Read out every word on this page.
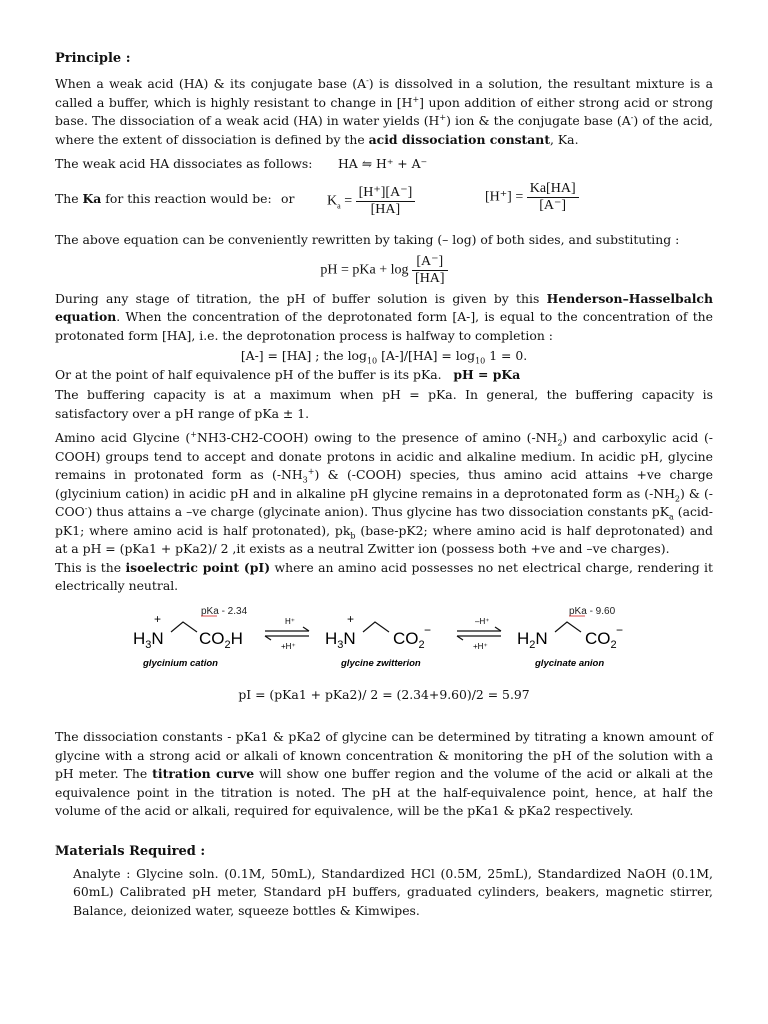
Principle :

When a weak acid (HA) & its conjugate base (A-) is dissolved in a solution, the resultant mixture is a called a buffer, which is highly resistant to change in [H+] upon addition of either strong acid or strong base. The dissociation of a weak acid (HA) in water yields (H+) ion & the conjugate base (A-) of the acid, where the extent of dissociation is defined by the acid dissociation constant, Ka.

The weak acid HA dissociates as follows: HA ⇋ H⁺ + A⁻
The Ka for this reaction would be: or $K_a = \frac{[H^+][A^-]}{[HA]}$	$[H^+] = \frac{Ka[HA]}{[A^-]}$

The above equation can be conveniently rewritten by taking (– log) of both sides, and substituting :

pH = pKa + $\log \frac{[A^-]}{[HA]}$

During any stage of titration, the pH of buffer solution is given by this Henderson–Hasselbalch equation. When the concentration of the deprotonated form [A-], is equal to the concentration of the protonated form [HA], i.e. the deprotonation process is halfway to completion :

[A-] = [HA] ; the $\log_{10} [A-]/[HA] = \log_{10} 1 = 0$.

Or at the point of half equivalence pH of the buffer is its pKa. pH = pKa

The buffering capacity is at a maximum when pH = pKa. In general, the buffering capacity is satisfactory over a pH range of pKa ± 1.

Amino acid Glycine (+NH3-CH2-COOH) owing to the presence of amino $(-NH_2)$ and carboxylic acid (-COOH) groups tend to accept and donate protons in acidic and alkaline medium. In acidic pH, glycine remains in protonated form as $(-NH_3^+)$ & (-COOH) species, thus amino acid attains +ve charge (glycinium cation) in acidic pH and in alkaline pH glycine remains in a deprotonated form as $(-NH_2)$ & (-COO-) thus attains a –ve charge (glycinate anion). Thus glycine has two dissociation constants $pK_a$ (acid-pK1; where amino acid is half protonated), $pk_b$ (base-pK2; where amino acid is half deprotonated) and at a pH = (pKa1 + pKa2)/ 2 ,it exists as a neutral Zwitter ion (possess both +ve and –ve charges).

This is the isoelectric point (pI) where an amino acid possesses no net electrical charge, rendering it electrically neutral.

pKa - 2.34
+
$H_3N$ $CO_2H$
glycinium cation
H⁺
+H⁺
+
$H_3N$ $CO_2$
−
glycine zwitterion
–H⁺
+H⁺
pKa - 9.60
$H_2N$ $CO_2$
−
glycinate anion

pI = (pKa1 + pKa2)/ 2 = (2.34+9.60)/2 = 5.97

The dissociation constants - pKa1 & pKa2 of glycine can be determined by titrating a known amount of glycine with a strong acid or alkali of known concentration & monitoring the pH of the solution with a pH meter. The titration curve will show one buffer region and the volume of the acid or alkali at the equivalence point in the titration is noted. The pH at the half-equivalence point, hence, at half the volume of the acid or alkali, required for equivalence, will be the pKa1 & pKa2 respectively.

Materials Required :

Analyte : Glycine soln. (0.1M, 50mL), Standardized HCl (0.5M, 25mL), Standardized NaOH (0.1M, 60mL) Calibrated pH meter, Standard pH buffers, graduated cylinders, beakers, magnetic stirrer, Balance, deionized water, squeeze bottles & Kimwipes.
